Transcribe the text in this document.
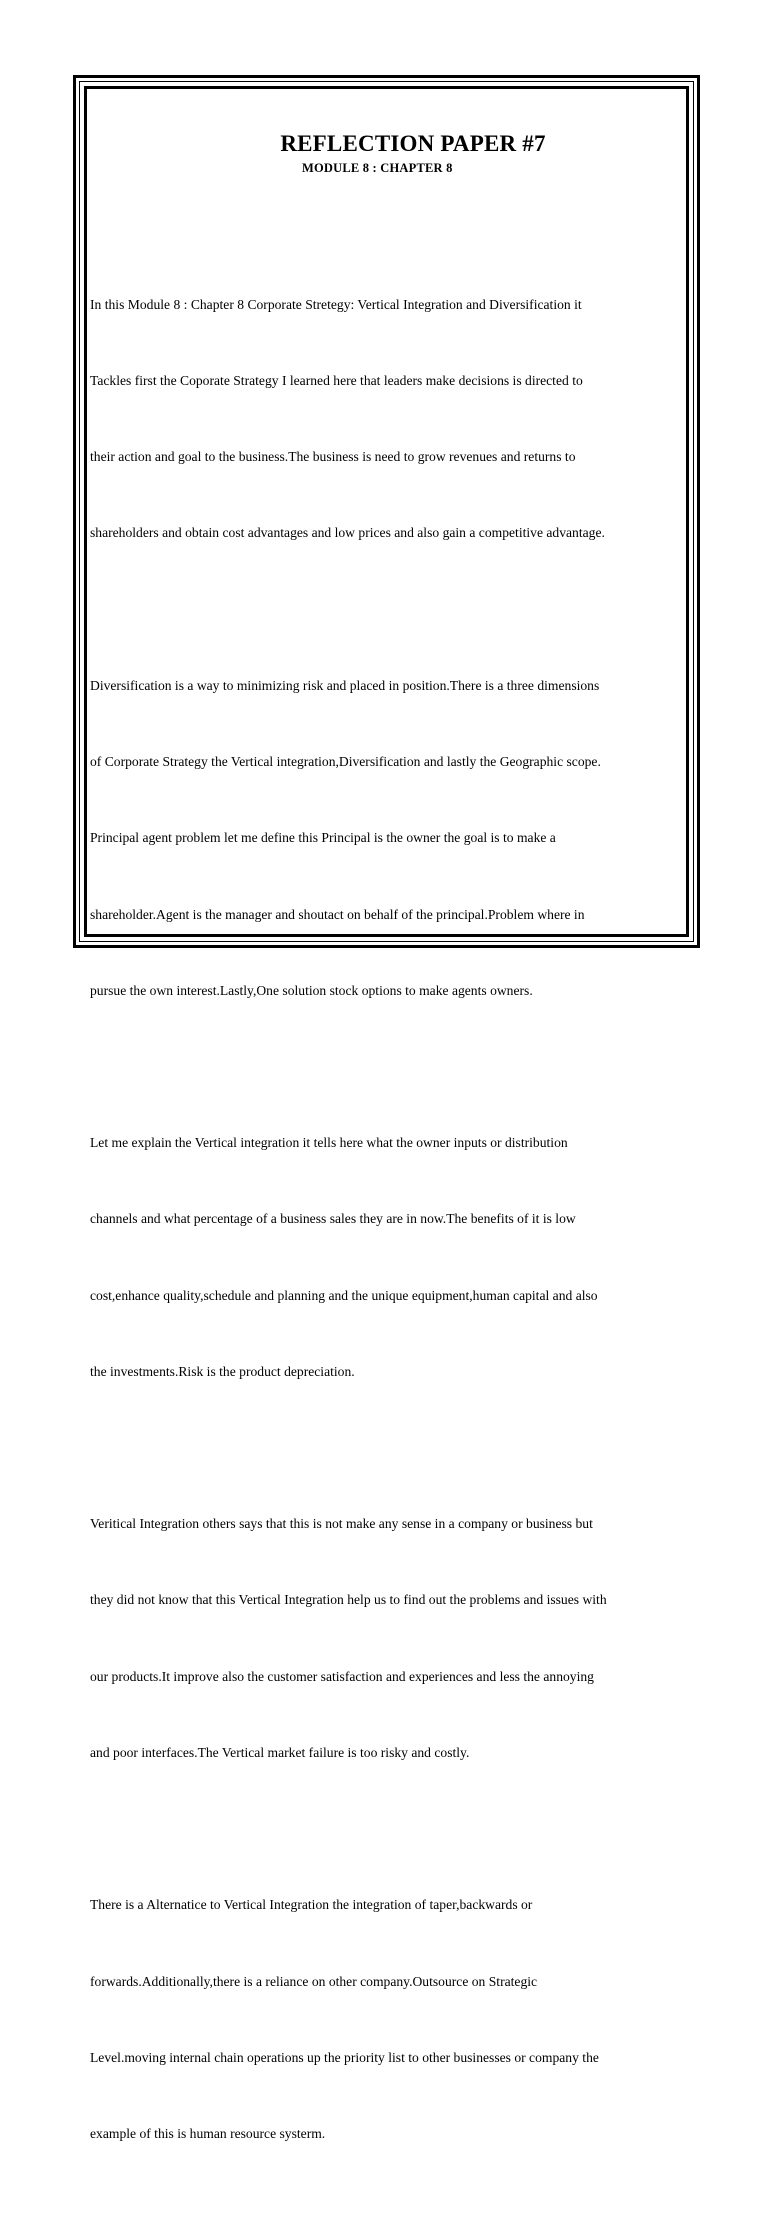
REFLECTION PAPER #7
MODULE 8 : CHAPTER 8

In this Module 8 : Chapter 8 Corporate Stretegy: Vertical Integration and Diversification it

Tackles first the Coporate Strategy I learned here that leaders make decisions is directed to

their action and goal to the business.The business is need to grow revenues and returns to

shareholders and obtain cost advantages and low prices and also gain a competitive advantage.

Diversification is a way to minimizing risk and placed in position.There is a three dimensions

of Corporate Strategy the Vertical integration,Diversification and lastly the Geographic scope.

Principal agent problem let me define this Principal is the owner the goal is to make a

shareholder.Agent is the manager and shoutact on behalf of the principal.Problem where in

pursue the own interest.Lastly,One solution stock options to make agents owners.

Let me explain the Vertical integration it tells here what the owner inputs or distribution

channels and what percentage of a business sales they are in now.The benefits of it is low

cost,enhance quality,schedule and planning and the unique equipment,human capital and also

the investments.Risk is the product depreciation.

Veritical Integration others says that this is not make any sense in a company or business but

they did not know that this Vertical Integration help us to find out the problems and issues with

our products.It improve also the customer satisfaction and experiences and less the annoying

and poor interfaces.The Vertical market failure is too risky and costly.

There is a Alternatice to Vertical Integration the integration of taper,backwards or

forwards.Additionally,there is a reliance on other company.Outsource on Strategic

Level.moving internal chain operations up the priority list to other businesses or company the

example of this is human resource systerm.
